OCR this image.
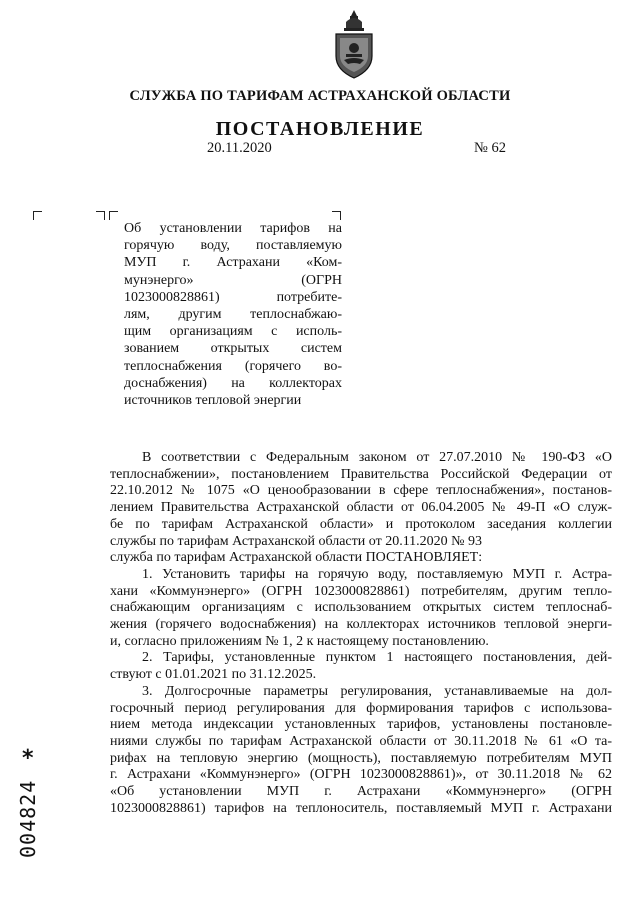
СЛУЖБА ПО ТАРИФАМ АСТРАХАНСКОЙ ОБЛАСТИ
ПОСТАНОВЛЕНИЕ
20.11.2020	№ 62
Об установлении тарифов на
горячую воду, поставляемую
МУП г. Астрахани «Ком-
мунэнерго»                 (ОГРН
1023000828861)   потребите-
лям, другим теплоснабжаю-
щим организациям с исполь-
зованием открытых систем
теплоснабжения (горячего во-
доснабжения) на коллекторах
источников тепловой энергии
В соответствии с Федеральным законом от 27.07.2010 № 190-ФЗ «О
теплоснабжении», постановлением Правительства Российской Федерации от
22.10.2012 № 1075 «О ценообразовании в сфере теплоснабжения», постанов-
лением Правительства Астраханской области от 06.04.2005 № 49-П «О служ-
бе по тарифам Астраханской области» и протоколом заседания коллегии
службы по тарифам Астраханской области от 20.11.2020 № 93
служба по тарифам Астраханской области ПОСТАНОВЛЯЕТ:
1. Установить тарифы на горячую воду, поставляемую МУП г. Астра-
хани «Коммунэнерго» (ОГРН 1023000828861) потребителям, другим тепло-
снабжающим организациям с использованием открытых систем теплоснаб-
жения (горячего водоснабжения) на коллекторах источников тепловой энерги-
и, согласно приложениям № 1, 2 к настоящему постановлению.
2. Тарифы, установленные пунктом 1 настоящего постановления, дей-
ствуют с 01.01.2021 по 31.12.2025.
3. Долгосрочные параметры регулирования, устанавливаемые на дол-
госрочный период регулирования для формирования тарифов с использова-
нием метода индексации установленных тарифов, установлены постановле-
ниями службы по тарифам Астраханской области от 30.11.2018 № 61 «О та-
рифах на тепловую энергию (мощность), поставляемую потребителям МУП
г. Астрахани «Коммунэнерго» (ОГРН 1023000828861)», от 30.11.2018 № 62
«Об     установлении     МУП     г.     Астрахани     «Коммунэнерго»     (ОГРН
1023000828861) тарифов на теплоноситель, поставляемый МУП г. Астрахани
*
004824
